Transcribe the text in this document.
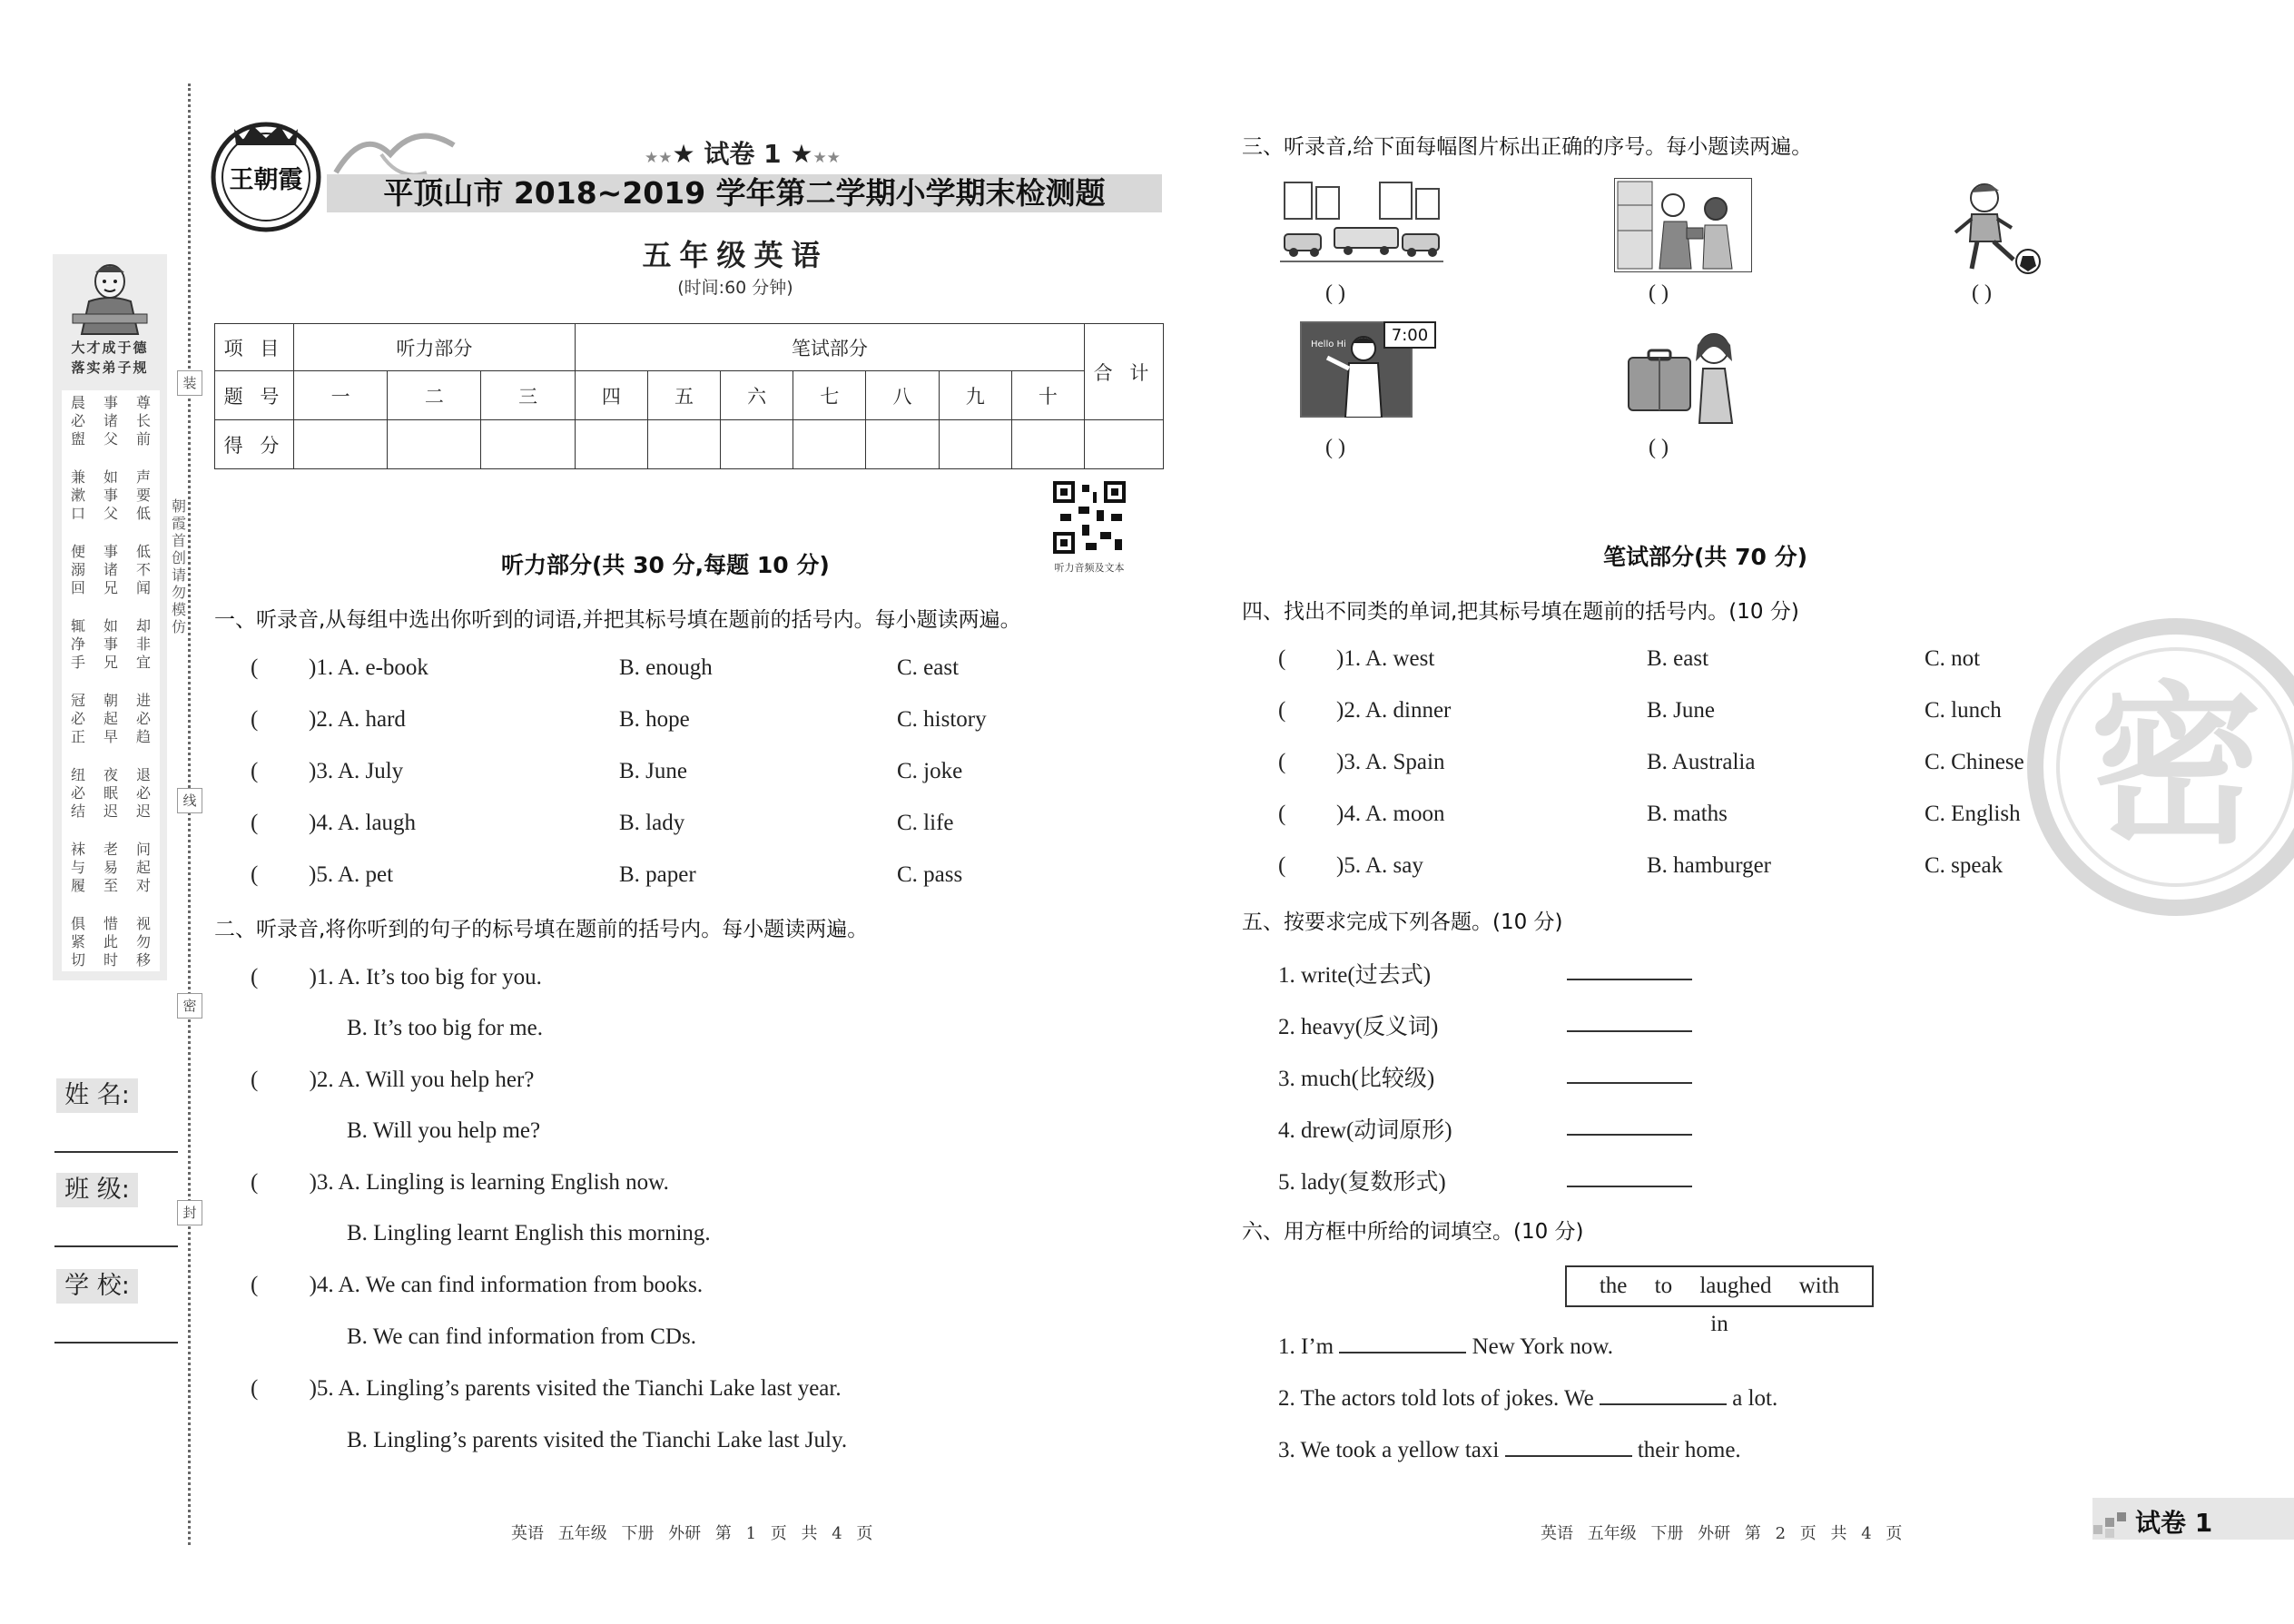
装
线
密
封
朝霞首创 请勿模仿
大才成于德
落实弟子规
晨必盥
事诸父
尊长前
兼漱口
如事父
声要低
便溺回
事诸兄
低不闻
辄净手
如事兄
却非宜
冠必正
朝起早
进必趋
纽必结
夜眠迟
退必迟
袜与履
老易至
问起对
俱紧切
惜此时
视勿移
姓 名:
班 级:
学 校:
王朝霞
★★★ 试卷 1 ★★★
平顶山市 2018~2019 学年第二学期小学期末检测题
五年级英语
(时间:60 分钟)
项 目	听力部分			笔试部分							合 计
题 号	一	二	三	四	五	六	七	八	九	十	
得 分											
听力音频及文本
听力部分(共 30 分,每题 10 分)
一、听录音,从每组中选出你听到的词语,并把其标号填在题前的括号内。每小题读两遍。
( )1. A. e-book	B. enough	C. east
( )2. A. hard	B. hope	C. history
( )3. A. July	B. June	C. joke
( )4. A. laugh	B. lady	C. life
( )5. A. pet	B. paper	C. pass
二、听录音,将你听到的句子的标号填在题前的括号内。每小题读两遍。
( )1. A. It’s too big for you.
B. It’s too big for me.
( )2. A. Will you help her?
B. Will you help me?
( )3. A. Lingling is learning English now.
B. Lingling learnt English this morning.
( )4. A. We can find information from books.
B. We can find information from CDs.
( )5. A. Lingling’s parents visited the Tianchi Lake last year.
B. Lingling’s parents visited the Tianchi Lake last July.
英语 五年级 下册 外研 第 1 页 共 4 页
三、听录音,给下面每幅图片标出正确的序号。每小题读两遍。
( )	( )	( )
Hello Hi	7:00
( )	( )
笔试部分(共 70 分)
四、找出不同类的单词,把其标号填在题前的括号内。(10 分)
( )1. A. west	B. east	C. not
( )2. A. dinner	B. June	C. lunch
( )3. A. Spain	B. Australia	C. Chinese
( )4. A. moon	B. maths	C. English
( )5. A. say	B. hamburger	C. speak 密
五、按要求完成下列各题。(10 分)
1. write(过去式)
2. heavy(反义词)
3. much(比较级)
4. drew(动词原形)
5. lady(复数形式)
六、用方框中所给的词填空。(10 分)
the to laughed with in
1. I’m	New York now.
2. The actors told lots of jokes. We	a lot.
3. We took a yellow taxi	their home.
英语 五年级 下册 外研 第 2 页 共 4 页	试卷 1
